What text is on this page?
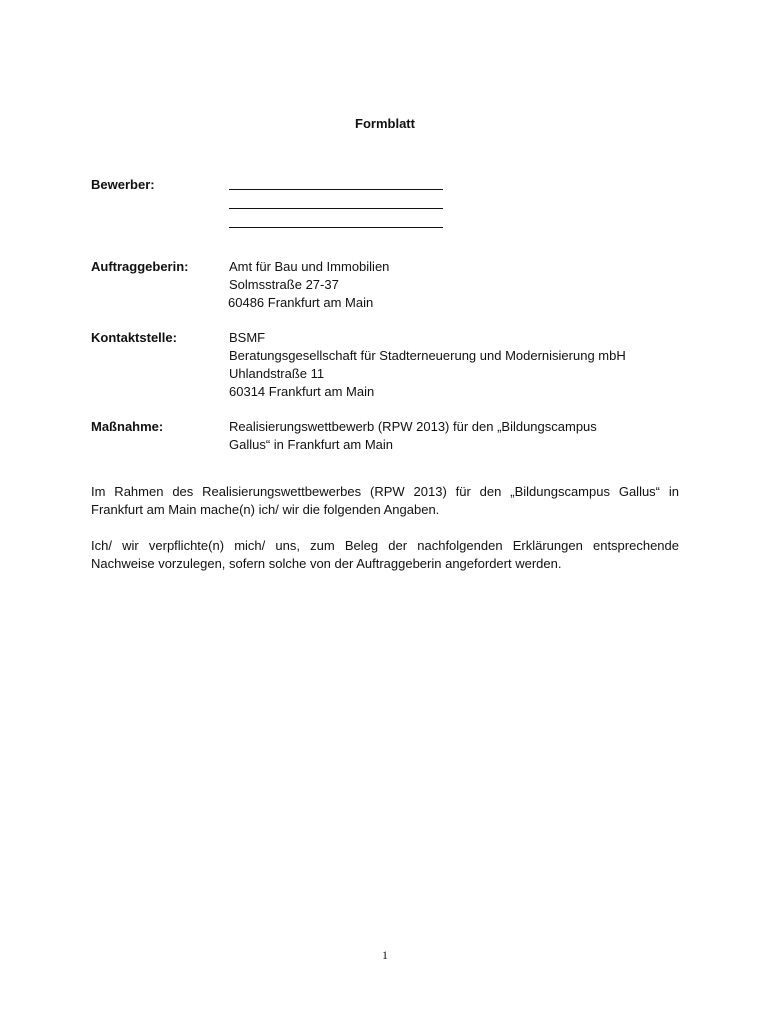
Formblatt
Bewerber:
Auftraggeberin:	Amt für Bau und Immobilien
Solmsstraße 27-37
60486 Frankfurt am Main
Kontaktstelle:	BSMF
Beratungsgesellschaft für Stadterneuerung und Modernisierung mbH
Uhlandstraße 11
60314 Frankfurt am Main
Maßnahme:	Realisierungswettbewerb (RPW 2013) für den „Bildungscampus
Gallus“ in Frankfurt am Main
Im Rahmen des Realisierungswettbewerbes (RPW 2013) für den „Bildungscampus Gallus“ in Frankfurt am Main mache(n) ich/ wir die folgenden Angaben.
Ich/ wir verpflichte(n) mich/ uns, zum Beleg der nachfolgenden Erklärungen entsprechende Nachweise vorzulegen, sofern solche von der Auftraggeberin angefordert werden.
1
